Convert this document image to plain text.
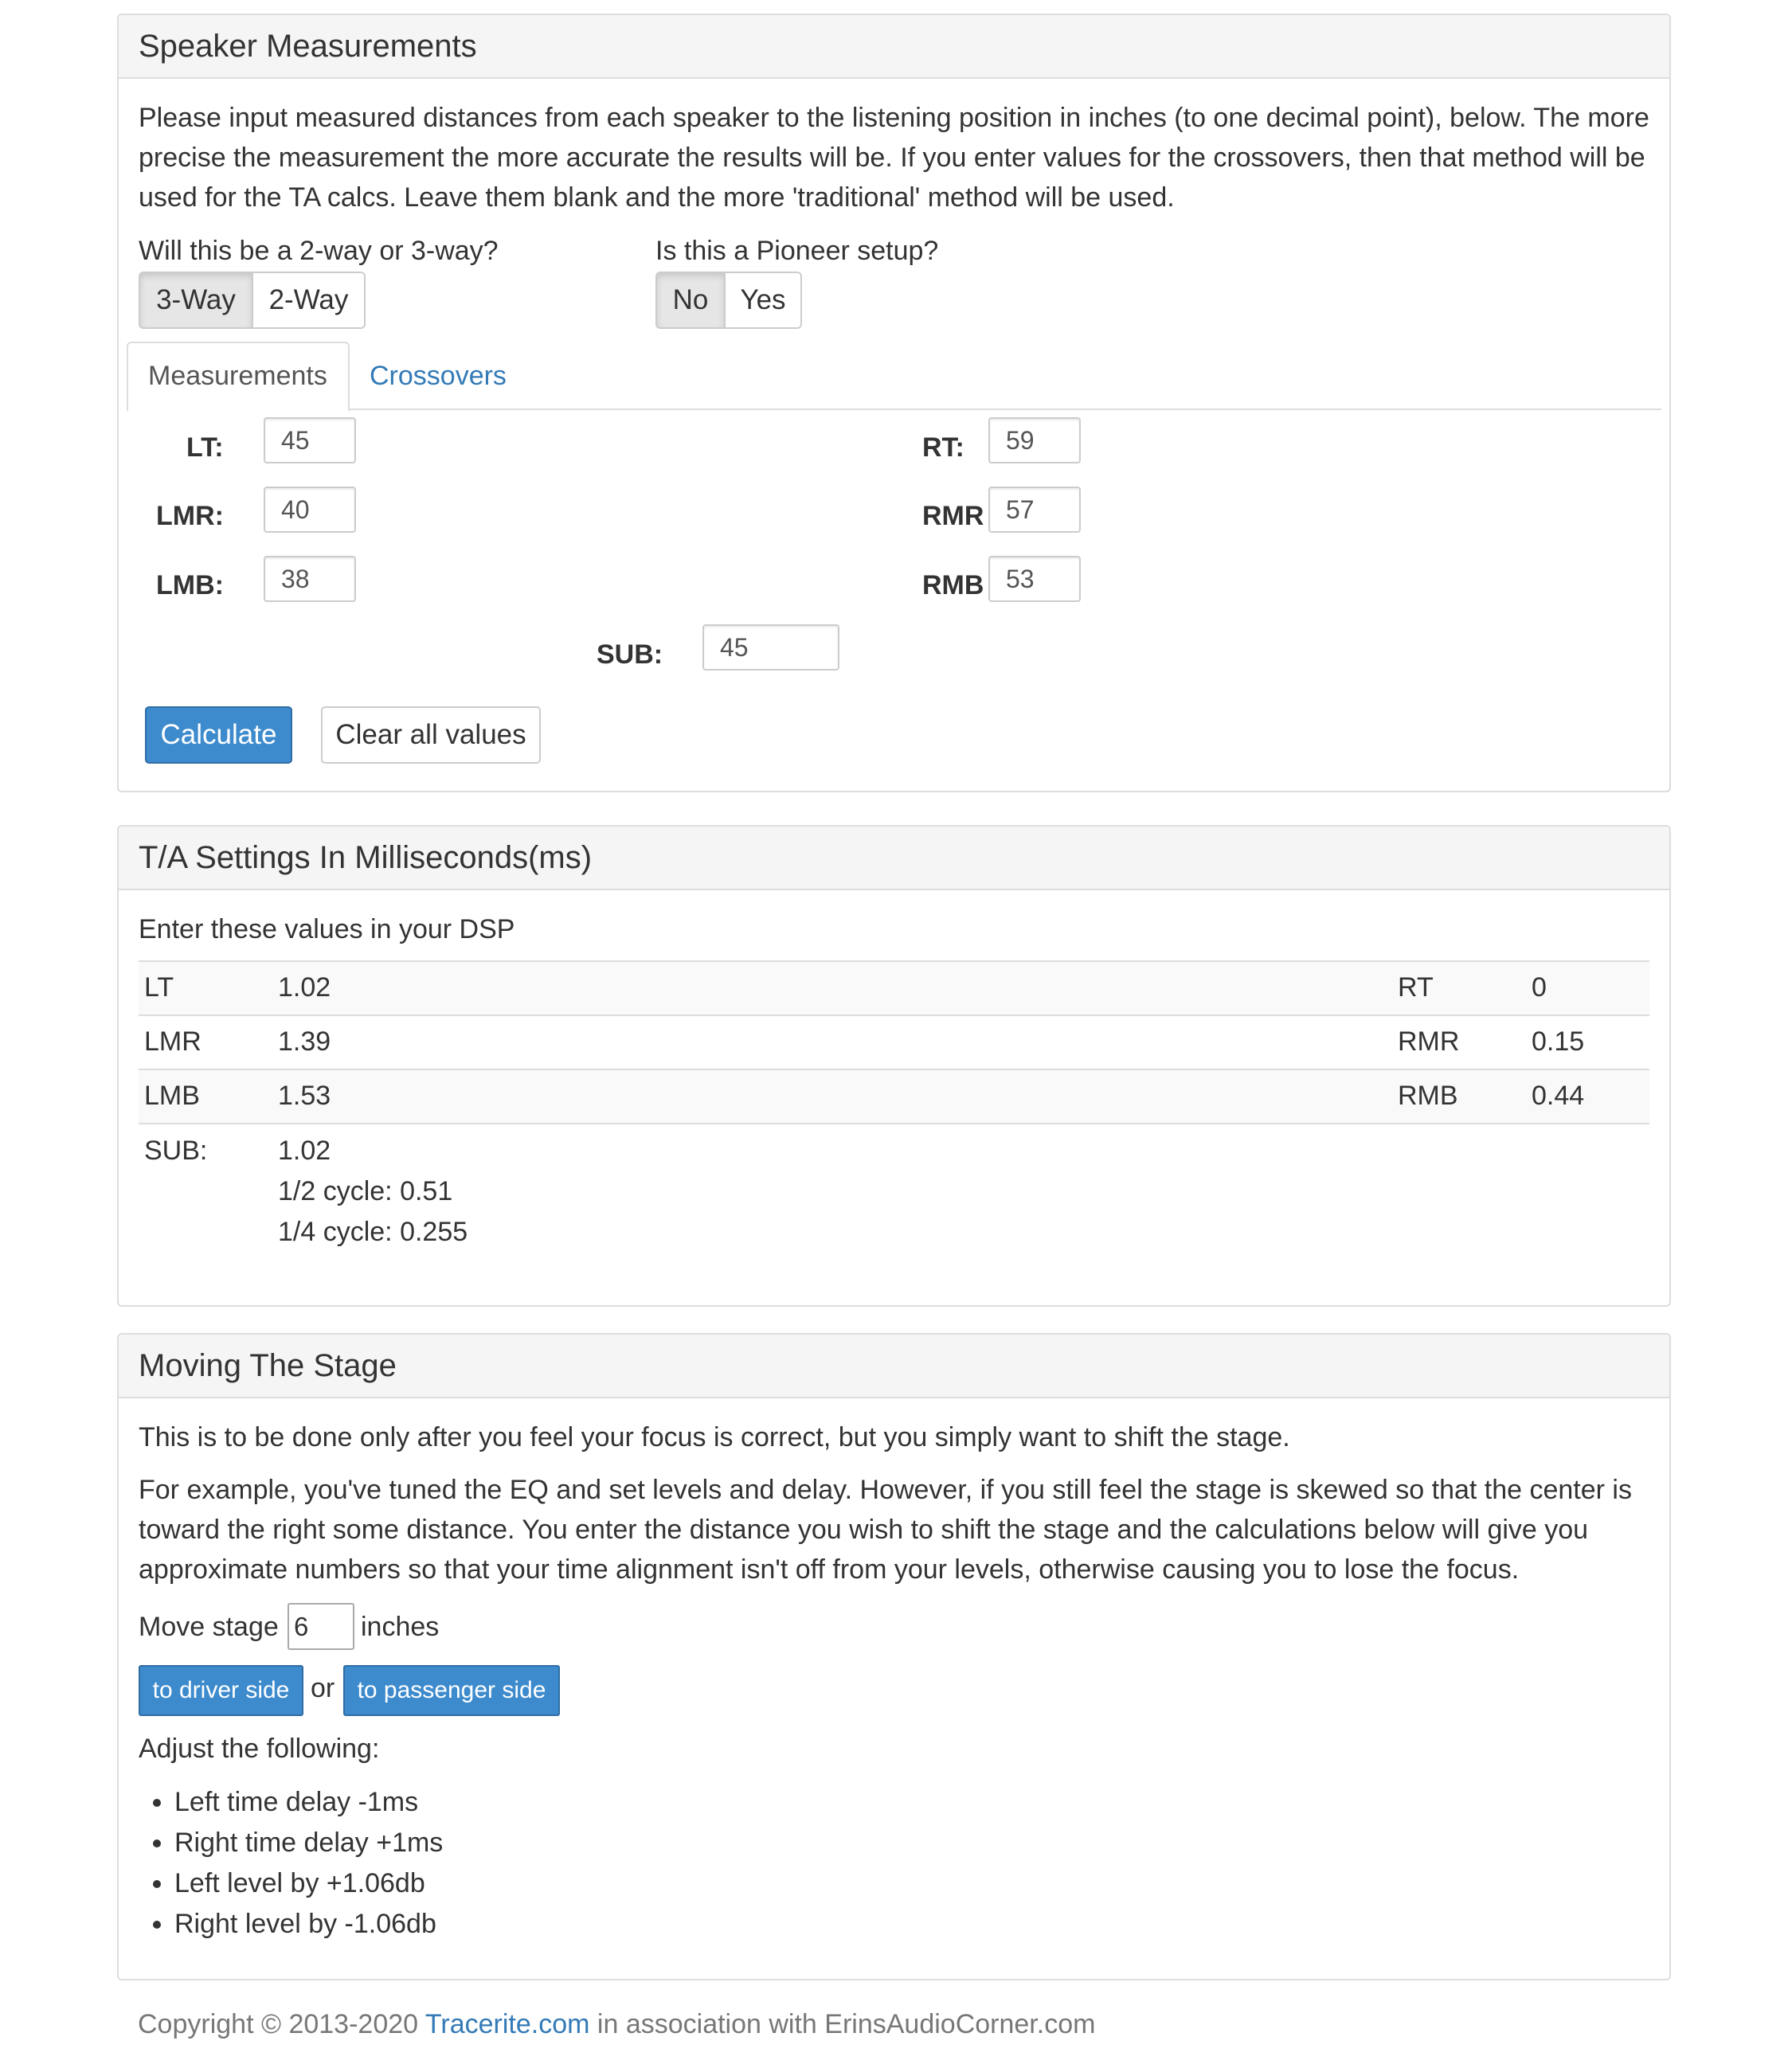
Speaker Measurements
Please input measured distances from each speaker to the listening position in inches (to one decimal point), below. The more precise the measurement the more accurate the results will be. If you enter values for the crossovers, then that method will be used for the TA calcs. Leave them blank and the more 'traditional' method will be used.
Will this be a 2-way or 3-way?
3-Way	2-Way
Is this a Pioneer setup?
No	Yes
Measurements	Crossovers
LT:	45
LMR:	40
LMB:	38
RT:	59
RMR 57
RMB 53
SUB:	45
Calculate	Clear all values
T/A Settings In Milliseconds(ms)
Enter these values in your DSP
LT	1.02	RT	0
LMR	1.39	RMR	0.15
LMB	1.53	RMB	0.44

SUB:	1.02
1/2 cycle: 0.51
1/4 cycle: 0.255		

Moving The Stage
This is to be done only after you feel your focus is correct, but you simply want to shift the stage.
For example, you've tuned the EQ and set levels and delay. However, if you still feel the stage is skewed so that the center is toward the right some distance. You enter the distance you wish to shift the stage and the calculations below will give you approximate numbers so that your time alignment isn't off from your levels, otherwise causing you to lose the focus.
Move stage 6	inches
to driver side or to passenger side
Adjust the following:
• Left time delay -1ms
• Right time delay +1ms
• Left level by +1.06db
• Right level by -1.06db
Copyright © 2013-2020 Tracerite.com in association with ErinsAudioCorner.com
